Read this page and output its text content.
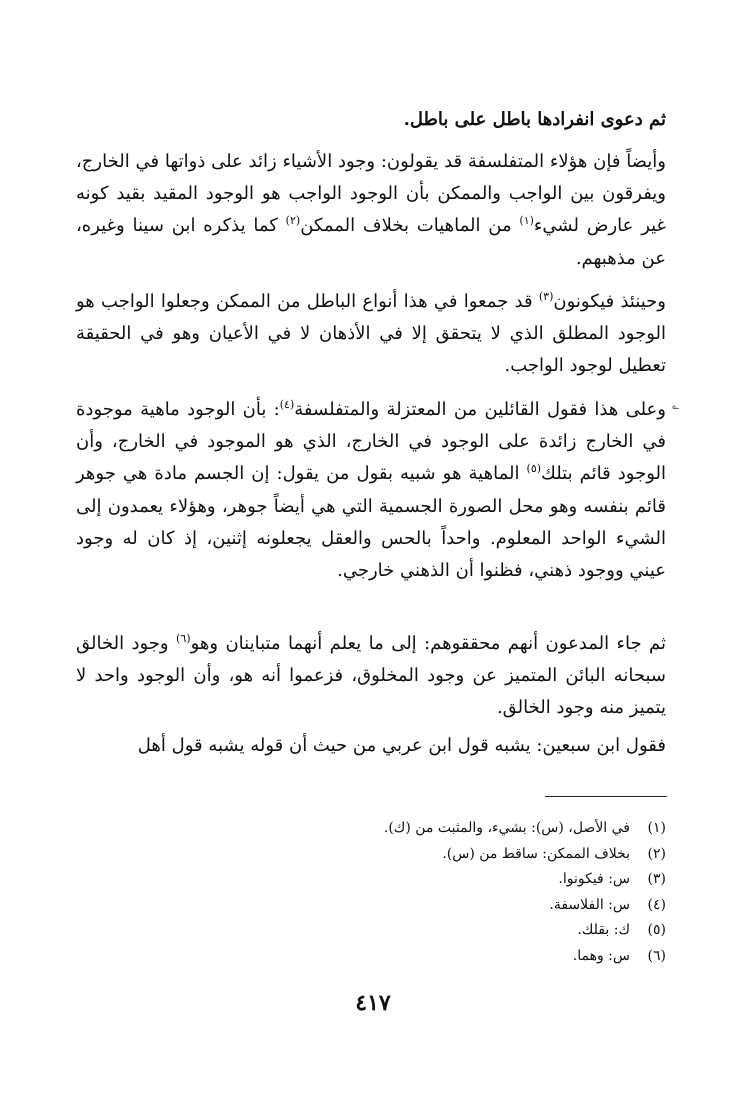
ثم دعوى انفرادها باطل على باطل.

وأيضاً فإن هؤلاء المتفلسفة قد يقولون: وجود الأشياء زائد على ذواتها في الخارج، ويفرقون بين الواجب والممكن بأن الوجود الواجب هو الوجود المقيد بقيد كونه غير عارض لشيء$^{(١)}$ من الماهيات بخلاف الممكن$^{(٢)}$ كما يذكره ابن سينا وغيره، عن مذهبهم.

وحينئذ فيكونون$^{(٣)}$ قد جمعوا في هذا أنواع الباطل من الممكن وجعلوا الواجب هو الوجود المطلق الذي لا يتحقق إلا في الأذهان لا في الأعيان وهو في الحقيقة تعطيل لوجود الواجب.

وعلى هذا فقول القائلين من المعتزلة والمتفلسفة$^{(٤)}$: بأن الوجود ماهية موجودة في الخارج زائدة على الوجود في الخارج، الذي هو الموجود في الخارج، وأن الوجود قائم بتلك$^{(٥)}$ الماهية هو شبيه بقول من يقول: إن الجسم مادة هي جوهر قائم بنفسه وهو محل الصورة الجسمية التي هي أيضاً جوهر، وهؤلاء يعمدون إلى الشيء الواحد المعلوم. واحداً بالحس والعقل يجعلونه إثنين، إذ كان له وجود عيني ووجود ذهني، فظنوا أن الذهني خارجي.

ثم جاء المدعون أنهم محققوهم: إلى ما يعلم أنهما متباينان وهو$^{(٦)}$ وجود الخالق سبحانه البائن المتميز عن وجود المخلوق، فزعموا أنه هو، وأن الوجود واحد لا يتميز منه وجود الخالق.

فقول ابن سبعين: يشبه قول ابن عربي من حيث أن قوله يشبه قول أهل

(١)
في الأصل، (س): بشيء، والمثبت من (ك).
(٢)
بخلاف الممكن: ساقط من (س).
(٣)
س: فيكونوا.
(٤)
س: الفلاسفة.
(٥)
ك: بقلك.
(٦)
س: وهما.
٤١٧
؎
